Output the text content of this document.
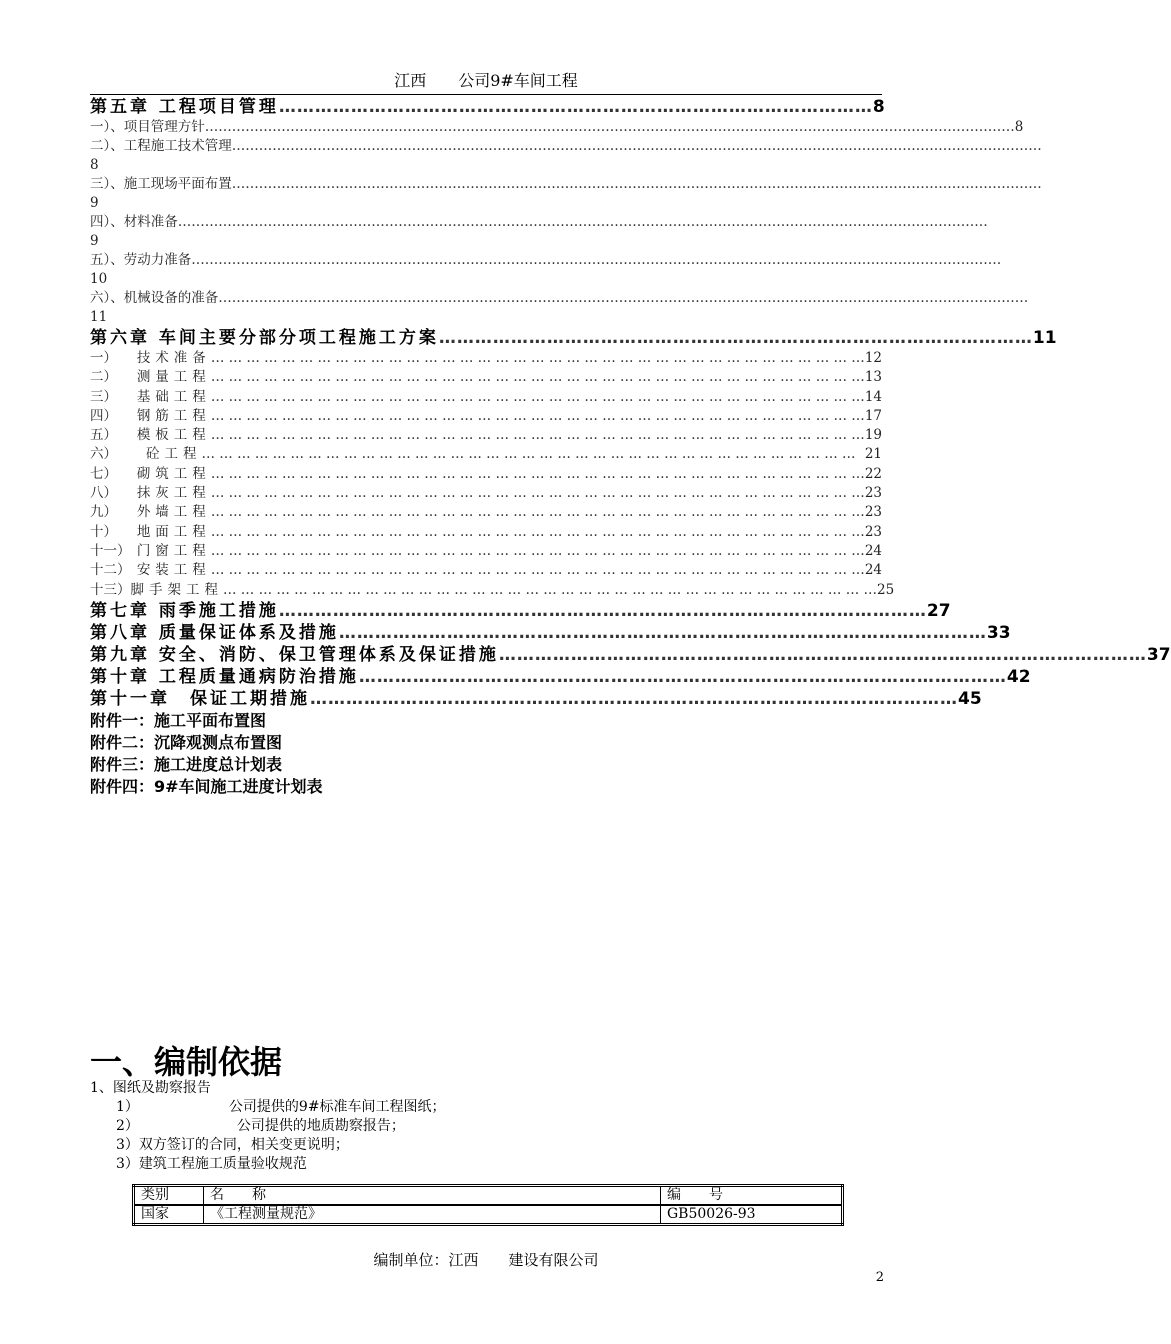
江西　　公司9#车间工程
第五章 工程项目管理 ……………………………………………………………………………………… 8
一）、项目管理方针 ……………………………………………………………………………………………………………………………………………………………… 8
二）、工程施工技术管理 ………………………………………………………………………………………………………………………………………………………………
8
三）、施工现场平面布置 ………………………………………………………………………………………………………………………………………………………………
9
四）、材料准备 ………………………………………………………………………………………………………………………………………………………………
9
五）、劳动力准备 ………………………………………………………………………………………………………………………………………………………………
10
六）、机械设备的准备 ………………………………………………………………………………………………………………………………………………………………
11
第六章 车间主要分部分项工程施工方案 ……………………………………………………………………………………… 11
一）	技术准备 … … … … … … … … … … … … … … … … … … … … … … … … … … … … … … … … … … … … … 12
二）	测量工程 … … … … … … … … … … … … … … … … … … … … … … … … … … … … … … … … … … … … … 13
三）	基础工程 … … … … … … … … … … … … … … … … … … … … … … … … … … … … … … … … … … … … … 14
四）	钢筋工程 … … … … … … … … … … … … … … … … … … … … … … … … … … … … … … … … … … … … … 17
五）	模板工程 … … … … … … … … … … … … … … … … … … … … … … … … … … … … … … … … … … … … … 19
六）	砼工程 … … … … … … … … … … … … … … … … … … … … … … … … … … … … … … … … … … … … … 21
七）	砌筑工程 … … … … … … … … … … … … … … … … … … … … … … … … … … … … … … … … … … … … … 22
八）	抹灰工程 … … … … … … … … … … … … … … … … … … … … … … … … … … … … … … … … … … … … … 23
九）	外墙工程 … … … … … … … … … … … … … … … … … … … … … … … … … … … … … … … … … … … … … 23
十）	地面工程 … … … … … … … … … … … … … … … … … … … … … … … … … … … … … … … … … … … … … 23
十一） 门窗工程 … … … … … … … … … … … … … … … … … … … … … … … … … … … … … … … … … … … … … 24
十二） 安装工程 … … … … … … … … … … … … … … … … … … … … … … … … … … … … … … … … … … … … … 24
十三） 脚手架工程 … … … … … … … … … … … … … … … … … … … … … … … … … … … … … … … … … … … … … 25
第七章 雨季施工措施 ……………………………………………………………………………………………… 27
第八章 质量保证体系及措施 ……………………………………………………………………………………………… 33
第九章 安全、消防、保卫管理体系及保证措施 ……………………………………………………………………………………………… 37
第十章 工程质量通病防治措施 ……………………………………………………………………………………………… 42
第十一章　保证工期措施 ……………………………………………………………………………………………… 45
附件一：施工平面布置图
附件二：沉降观测点布置图
附件三：施工进度总计划表
附件四：9#车间施工进度计划表
一、编制依据
1、图纸及勘察报告
1）	公司提供的9#标准车间工程图纸；
2）	公司提供的地质勘察报告；
3）双方签订的合同，相关变更说明；
3）建筑工程施工质量验收规范
类别	名　　称	编　　号
国家	《工程测量规范》	GB50026-93
编制单位：江西　　建设有限公司
2
